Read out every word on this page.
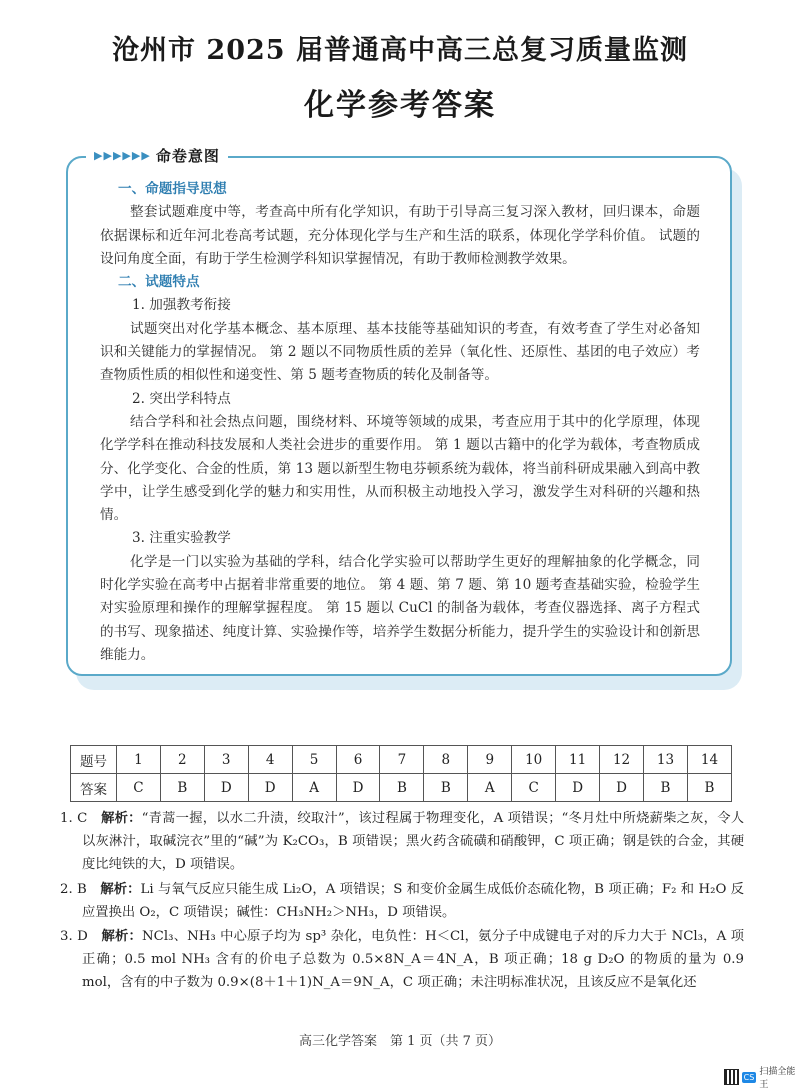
沧州市 2025 届普通高中高三总复习质量监测
化学参考答案
▶ ▶ ▶ ▶ ▶ ▶ 命卷意图
一、命题指导思想
整套试题难度中等，考查高中所有化学知识，有助于引导高三复习深入教材，回归课本，命题依据课标和近年河北卷高考试题，充分体现化学与生产和生活的联系，体现化学学科价值。 试题的设问角度全面，有助于学生检测学科知识掌握情况，有助于教师检测教学效果。
二、试题特点
1. 加强教考衔接
试题突出对化学基本概念、基本原理、基本技能等基础知识的考查，有效考查了学生对必备知识和关键能力的掌握情况。 第 2 题以不同物质性质的差异（氧化性、还原性、基团的电子效应）考查物质性质的相似性和递变性、第 5 题考查物质的转化及制备等。
2. 突出学科特点
结合学科和社会热点问题，围绕材料、环境等领域的成果，考查应用于其中的化学原理，体现化学学科在推动科技发展和人类社会进步的重要作用。 第 1 题以古籍中的化学为载体，考查物质成分、化学变化、合金的性质，第 13 题以新型生物电芬顿系统为载体，将当前科研成果融入到高中教学中，让学生感受到化学的魅力和实用性，从而积极主动地投入学习，激发学生对科研的兴趣和热情。
3. 注重实验教学
化学是一门以实验为基础的学科，结合化学实验可以帮助学生更好的理解抽象的化学概念，同时化学实验在高考中占据着非常重要的地位。 第 4 题、第 7 题、第 10 题考查基础实验，检验学生对实验原理和操作的理解掌握程度。 第 15 题以 CuCl 的制备为载体，考查仪器选择、离子方程式的书写、现象描述、纯度计算、实验操作等，培养学生数据分析能力，提升学生的实验设计和创新思维能力。
题号	1	2	3	4	5	6	7	8	9	10	11	12	13	14
答案	C	B	D	D	A	D	B	B	A	C	D	D	B	B
1. C　 解析：“青蒿一握，以水二升渍，绞取汁”，该过程属于物理变化，A 项错误；“冬月灶中所烧薪柴之灰，令人以灰淋汁，取碱浣衣”里的“碱”为 K₂CO₃，B 项错误；黑火药含硫磺和硝酸钾，C 项正确；钢是铁的合金，其硬度比纯铁的大，D 项错误。
2. B　 解析：Li 与氧气反应只能生成 Li₂O，A 项错误；S 和变价金属生成低价态硫化物，B 项正确；F₂ 和 H₂O 反应置换出 O₂，C 项错误；碱性：CH₃NH₂＞NH₃，D 项错误。
3. D　 解析：NCl₃、NH₃ 中心原子均为 sp³ 杂化，电负性：H＜Cl，氨分子中成键电子对的斥力大于 NCl₃，A 项正确；0.5 mol NH₃ 含有的价电子总数为 0.5×8N_A＝4N_A，B 项正确；18 g D₂O 的物质的量为 0.9 mol，含有的中子数为 0.9×(8＋1＋1)N_A＝9N_A，C 项正确；未注明标准状况，且该反应不是氧化还
高三化学答案　第 1 页（共 7 页）
CS 扫描全能王
